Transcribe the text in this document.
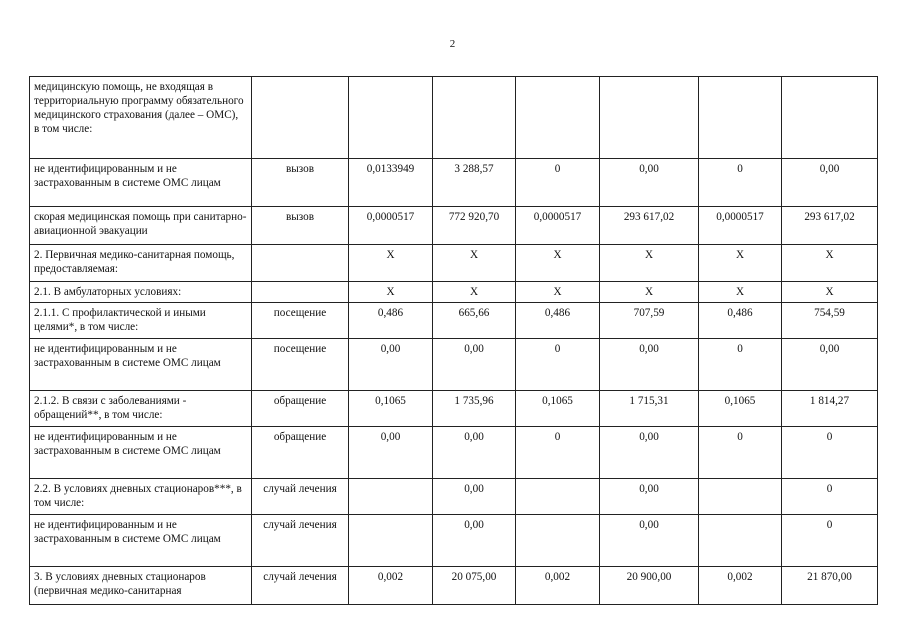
2
медицинскую помощь, не входящая в территориальную программу обязательного медицинского страхования (далее – ОМС),
в том числе:							
не идентифицированным и не застрахованным в системе ОМС лицам	вызов	0,0133949	3 288,57	0	0,00	0	0,00
скорая медицинская помощь при санитарно-авиационной эвакуации	вызов	0,0000517	772 920,70	0,0000517	293 617,02	0,0000517	293 617,02
2. Первичная медико-санитарная помощь, предоставляемая:		Х	Х	Х	Х	Х	Х
2.1. В амбулаторных условиях:		Х	Х	Х	Х	Х	Х
2.1.1. С профилактической и иными целями*, в том числе:	посещение	0,486	665,66	0,486	707,59	0,486	754,59
не идентифицированным и не застрахованным в системе ОМС лицам	посещение	0,00	0,00	0	0,00	0	0,00
2.1.2. В связи с заболеваниями - обращений**, в том числе:	обращение	0,1065	1 735,96	0,1065	1 715,31	0,1065	1 814,27
не идентифицированным и не застрахованным в системе ОМС лицам	обращение	0,00	0,00	0	0,00	0	0
2.2. В условиях дневных стационаров***, в том числе:	случай лечения		0,00		0,00		0
не идентифицированным и не застрахованным в системе ОМС лицам	случай лечения		0,00		0,00		0
3. В условиях дневных стационаров (первичная медико-санитарная	случай лечения	0,002	20 075,00	0,002	20 900,00	0,002	21 870,00
